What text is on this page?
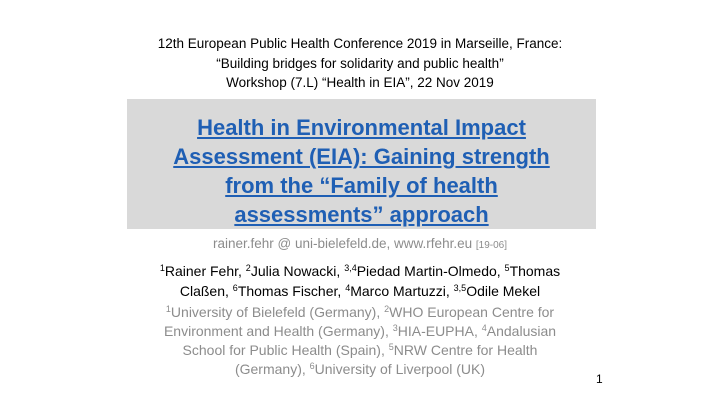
12th European Public Health Conference 2019 in Marseille, France:
“Building bridges for solidarity and public health”
Workshop (7.L) “Health in EIA”, 22 Nov 2019
Health in Environmental Impact
Assessment (EIA): Gaining strength
from the “Family of health
assessments” approach
rainer.fehr @ uni-bielefeld.de, www.rfehr.eu [19-06]
$^1$Rainer Fehr, $^2$Julia Nowacki, $^{3,4}$Piedad Martin-Olmedo, $^5$Thomas
Claßen, $^6$Thomas Fischer, $^4$Marco Martuzzi, $^{3,5}$Odile Mekel
$^1$University of Bielefeld (Germany), $^2$WHO European Centre for
Environment and Health (Germany), $^3$HIA-EUPHA, $^4$Andalusian
School for Public Health (Spain), $^5$NRW Centre for Health
(Germany), $^6$University of Liverpool (UK)
1
